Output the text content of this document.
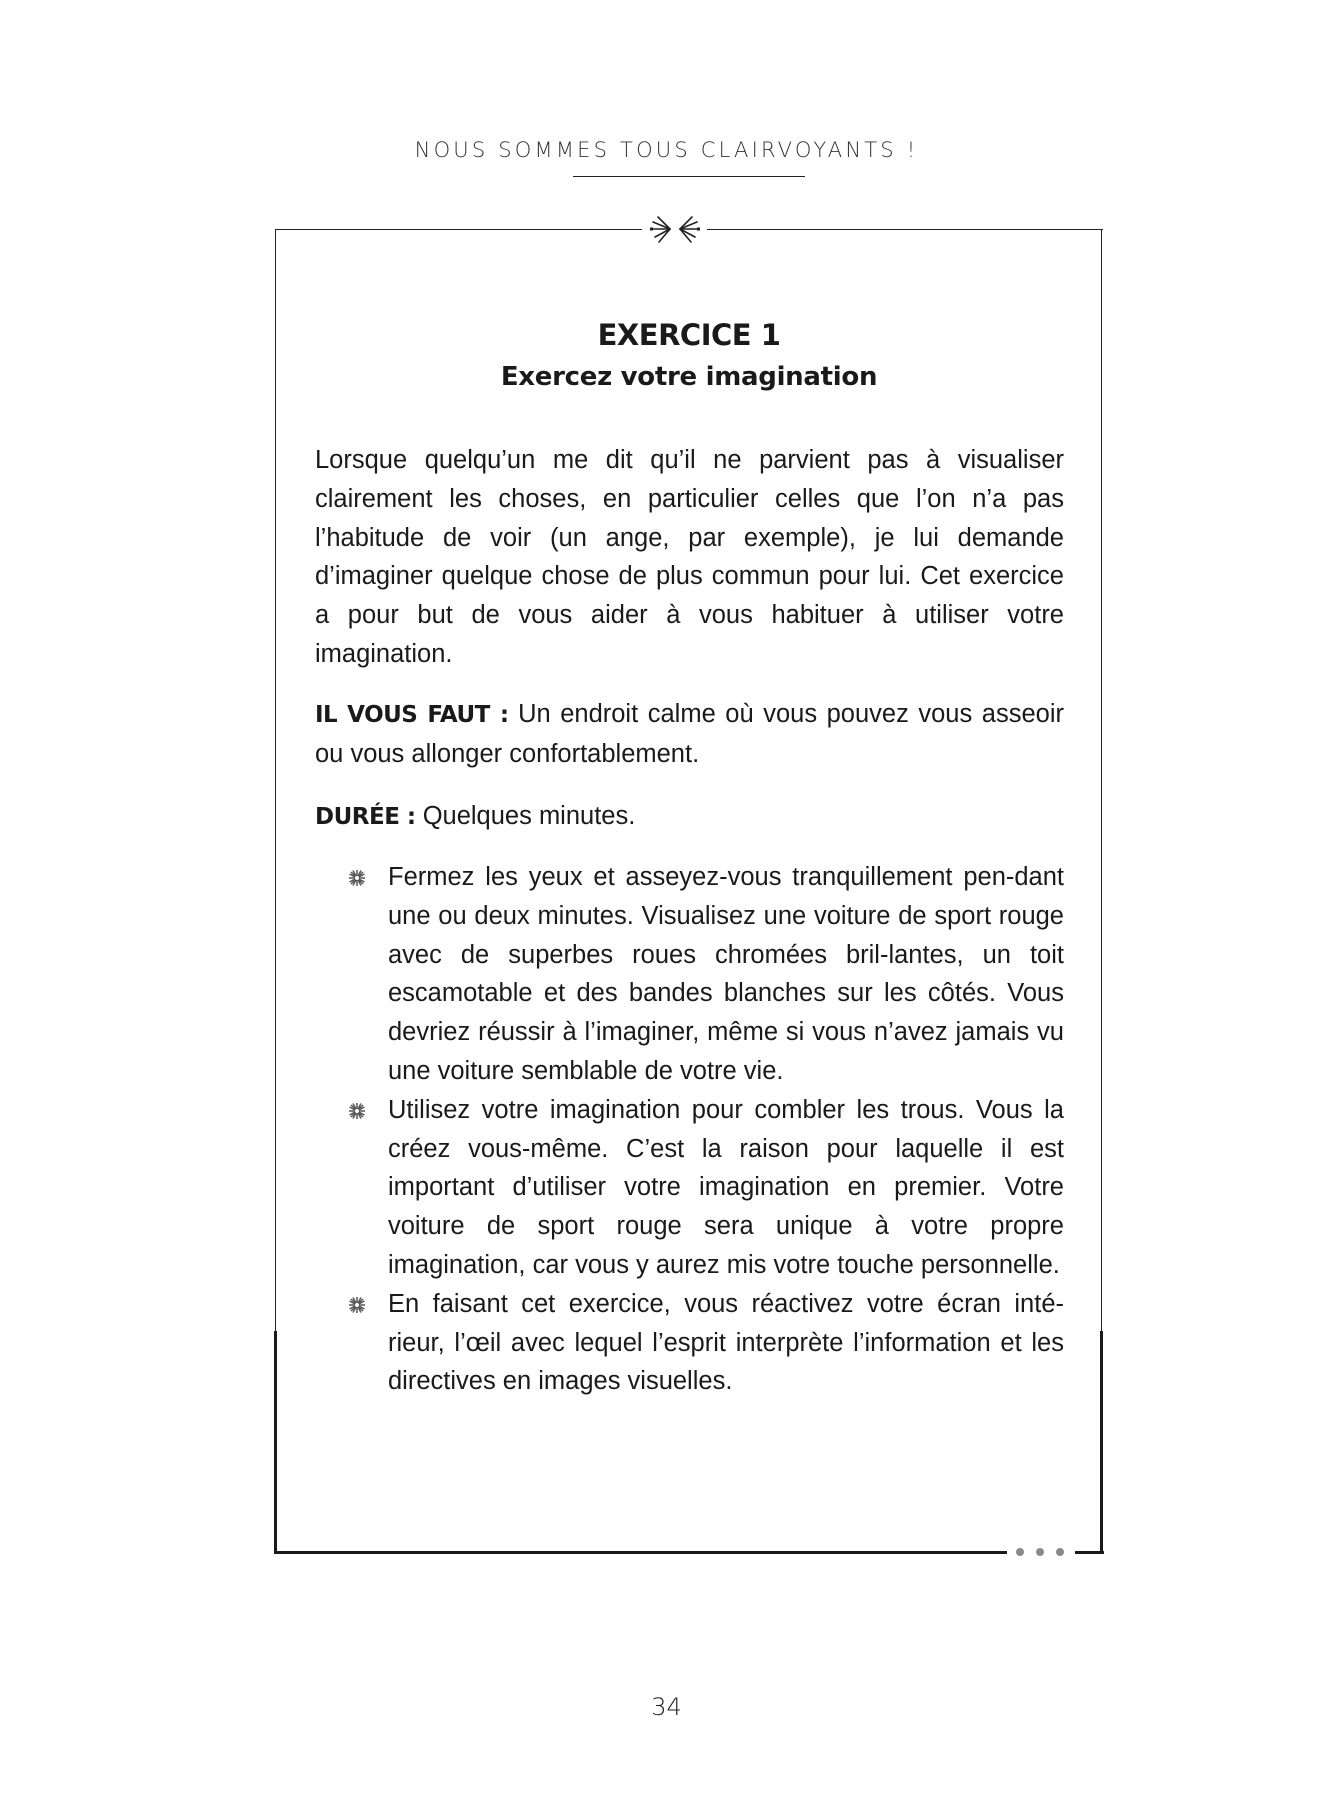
NOUS SOMMES TOUS CLAIRVOYANTS !
EXERCICE 1
Exercez votre imagination

Lorsque quelqu’un me dit qu’il ne parvient pas à visualiser clairement les choses, en particulier celles que l’on n’a pas l’habitude de voir (un ange, par exemple), je lui demande d’imaginer quelque chose de plus commun pour lui. Cet exercice a pour but de vous aider à vous habituer à utiliser votre imagination.

IL VOUS FAUT : Un endroit calme où vous pouvez vous asseoir ou vous allonger confortablement.

DURÉE : Quelques minutes.

Fermez les yeux et asseyez-vous tranquillement pen-dant une ou deux minutes. Visualisez une voiture de sport rouge avec de superbes roues chromées bril-lantes, un toit escamotable et des bandes blanches sur les côtés. Vous devriez réussir à l’imaginer, même si vous n’avez jamais vu une voiture semblable de votre vie.
Utilisez votre imagination pour combler les trous. Vous la créez vous-même. C’est la raison pour laquelle il est important d’utiliser votre imagination en premier. Votre voiture de sport rouge sera unique à votre propre imagination, car vous y aurez mis votre touche personnelle.
En faisant cet exercice, vous réactivez votre écran inté-rieur, l’œil avec lequel l’esprit interprète l’information et les directives en images visuelles.
34
